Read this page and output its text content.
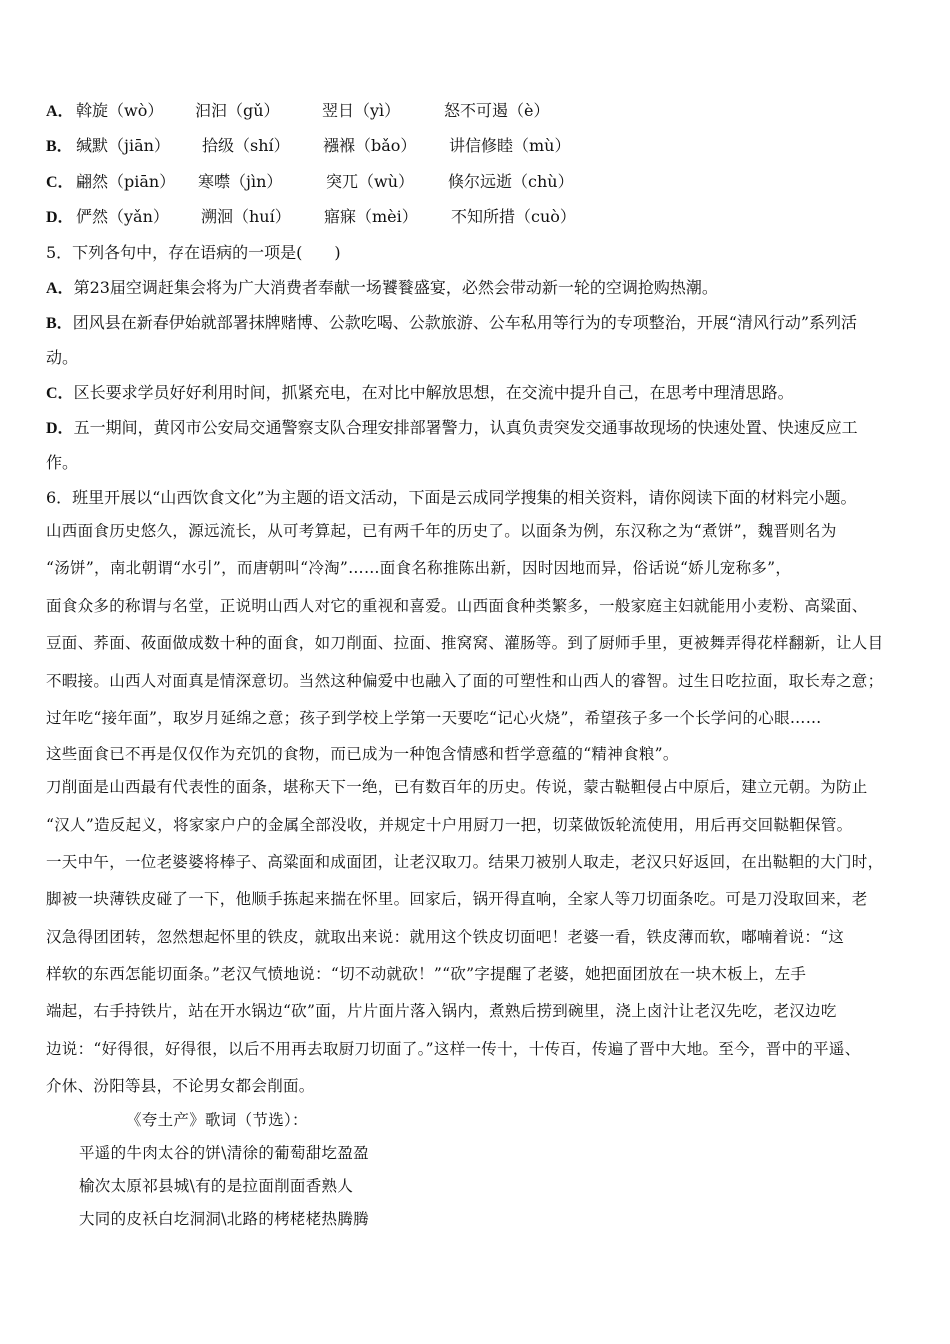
A． 斡旋（wò） 汩汩（gǔ）	翌日（yì）	怒不可遏（è）
B． 缄默（jiān） 拾级（shí） 襁褓（bǎo） 讲信修睦（mù）
C． 翩然（piān） 寒噤（jìn）	突兀（wù） 倏尔远逝（chù）
D． 俨然（yǎn） 溯洄（huí） 寤寐（mèi） 不知所措（cuò）
5．下列各句中，存在语病的一项是(　　)
A．第23届空调赶集会将为广大消费者奉献一场饕餮盛宴，必然会带动新一轮的空调抢购热潮。
B．团风县在新春伊始就部署抹牌赌博、公款吃喝、公款旅游、公车私用等行为的专项整治，开展“清风行动”系列活
动。
C．区长要求学员好好利用时间，抓紧充电，在对比中解放思想，在交流中提升自己，在思考中理清思路。
D．五一期间，黄冈市公安局交通警察支队合理安排部署警力，认真负责突发交通事故现场的快速处置、快速反应工
作。
6．班里开展以“山西饮食文化”为主题的语文活动，下面是云成同学搜集的相关资料，请你阅读下面的材料完小题。
山西面食历史悠久，源远流长，从可考算起，已有两千年的历史了。以面条为例，东汉称之为“煮饼”，魏晋则名为
“汤饼”，南北朝谓“水引”，而唐朝叫“冷淘”……面食名称推陈出新，因时因地而异，俗话说“娇儿宠称多”，
面食众多的称谓与名堂，正说明山西人对它的重视和喜爱。山西面食种类繁多，一般家庭主妇就能用小麦粉、高粱面、
豆面、荞面、莜面做成数十种的面食，如刀削面、拉面、推窝窝、灌肠等。到了厨师手里，更被舞弄得花样翻新，让人目
不暇接。山西人对面真是情深意切。当然这种偏爱中也融入了面的可塑性和山西人的睿智。过生日吃拉面，取长寿之意；
过年吃“接年面”，取岁月延绵之意；孩子到学校上学第一天要吃“记心火烧”，希望孩子多一个长学问的心眼……
这些面食已不再是仅仅作为充饥的食物，而已成为一种饱含情感和哲学意蕴的“精神食粮”。
刀削面是山西最有代表性的面条，堪称天下一绝，已有数百年的历史。传说，蒙古鞑靼侵占中原后，建立元朝。为防止
“汉人”造反起义，将家家户户的金属全部没收，并规定十户用厨刀一把，切菜做饭轮流使用，用后再交回鞑靼保管。
一天中午，一位老婆婆将棒子、高粱面和成面团，让老汉取刀。结果刀被别人取走，老汉只好返回，在出鞑靼的大门时，
脚被一块薄铁皮碰了一下，他顺手拣起来揣在怀里。回家后，锅开得直响，全家人等刀切面条吃。可是刀没取回来，老
汉急得团团转，忽然想起怀里的铁皮，就取出来说：就用这个铁皮切面吧！老婆一看，铁皮薄而软，嘟喃着说：“这
样软的东西怎能切面条。”老汉气愤地说：“切不动就砍！”“砍”字提醒了老婆，她把面团放在一块木板上，左手
端起，右手持铁片，站在开水锅边“砍”面，片片面片落入锅内，煮熟后捞到碗里，浇上卤汁让老汉先吃，老汉边吃
边说：“好得很，好得很，以后不用再去取厨刀切面了。”这样一传十，十传百，传遍了晋中大地。至今，晋中的平遥、
介休、汾阳等县，不论男女都会削面。
《夸土产》歌词（节选）：
平遥的牛肉太谷的饼\清徐的葡萄甜圪盈盈
榆次太原祁县城\有的是拉面削面香熟人
大同的皮袄白圪洞洞\北路的栲栳栳热腾腾
